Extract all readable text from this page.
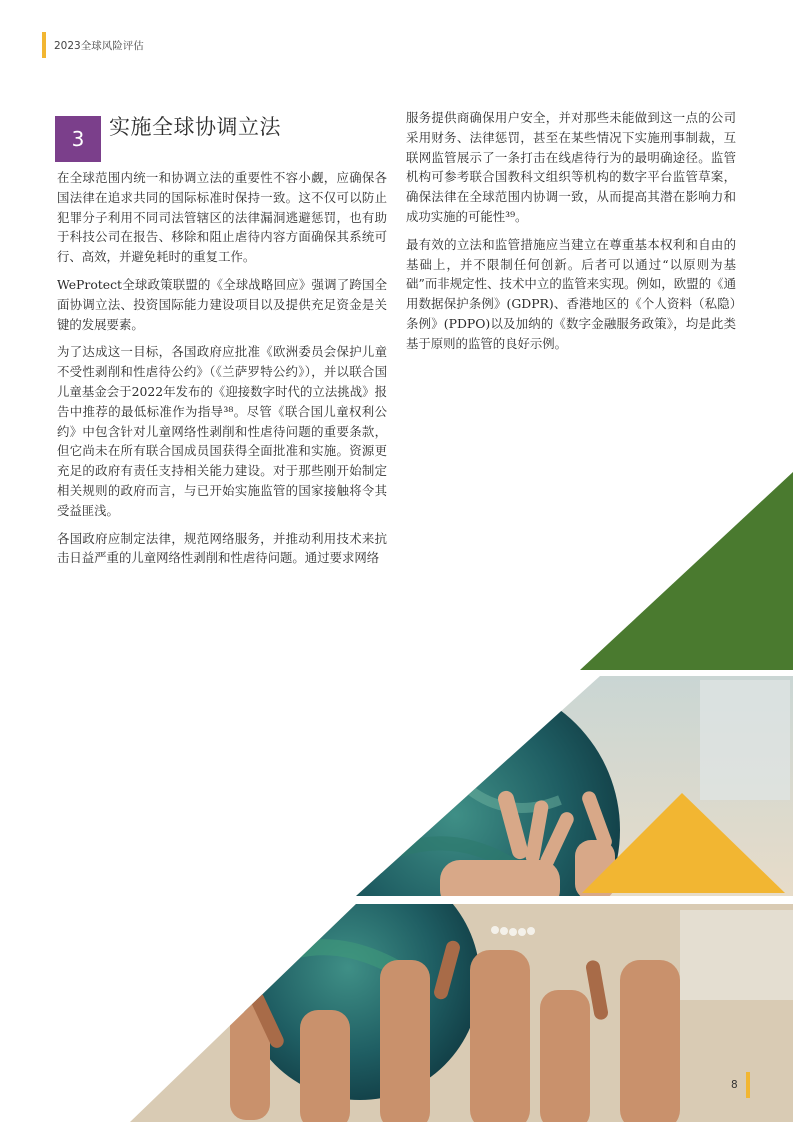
2023全球风险评估
3	实施全球协调立法

在全球范围内统一和协调立法的重要性不容小觑，应确保各国法律在追求共同的国际标准时保持一致。这不仅可以防止犯罪分子利用不同司法管辖区的法律漏洞逃避惩罚，也有助于科技公司在报告、移除和阻止虐待内容方面确保其系统可行、高效，并避免耗时的重复工作。

WeProtect全球政策联盟的《全球战略回应》强调了跨国全面协调立法、投资国际能力建设项目以及提供充足资金是关键的发展要素。

为了达成这一目标，各国政府应批准《欧洲委员会保护儿童不受性剥削和性虐待公约》（《兰萨罗特公约》），并以联合国儿童基金会于2022年发布的《迎接数字时代的立法挑战》报告中推荐的最低标准作为指导³⁸。尽管《联合国儿童权利公约》中包含针对儿童网络性剥削和性虐待问题的重要条款，但它尚未在所有联合国成员国获得全面批准和实施。资源更充足的政府有责任支持相关能力建设。对于那些刚开始制定相关规则的政府而言，与已开始实施监管的国家接触将令其受益匪浅。

各国政府应制定法律，规范网络服务，并推动利用技术来抗击日益严重的儿童网络性剥削和性虐待问题。通过要求网络

服务提供商确保用户安全，并对那些未能做到这一点的公司采用财务、法律惩罚，甚至在某些情况下实施刑事制裁，互联网监管展示了一条打击在线虐待行为的最明确途径。监管机构可参考联合国教科文组织等机构的数字平台监管草案，确保法律在全球范围内协调一致，从而提高其潜在影响力和成功实施的可能性³⁹。

最有效的立法和监管措施应当建立在尊重基本权利和自由的基础上，并不限制任何创新。后者可以通过“以原则为基础”而非规定性、技术中立的监管来实现。例如，欧盟的《通用数据保护条例》(GDPR)、香港地区的《个人资料（私隐）条例》(PDPO)以及加纳的《数字金融服务政策》，均是此类基于原则的监管的良好示例。

8
